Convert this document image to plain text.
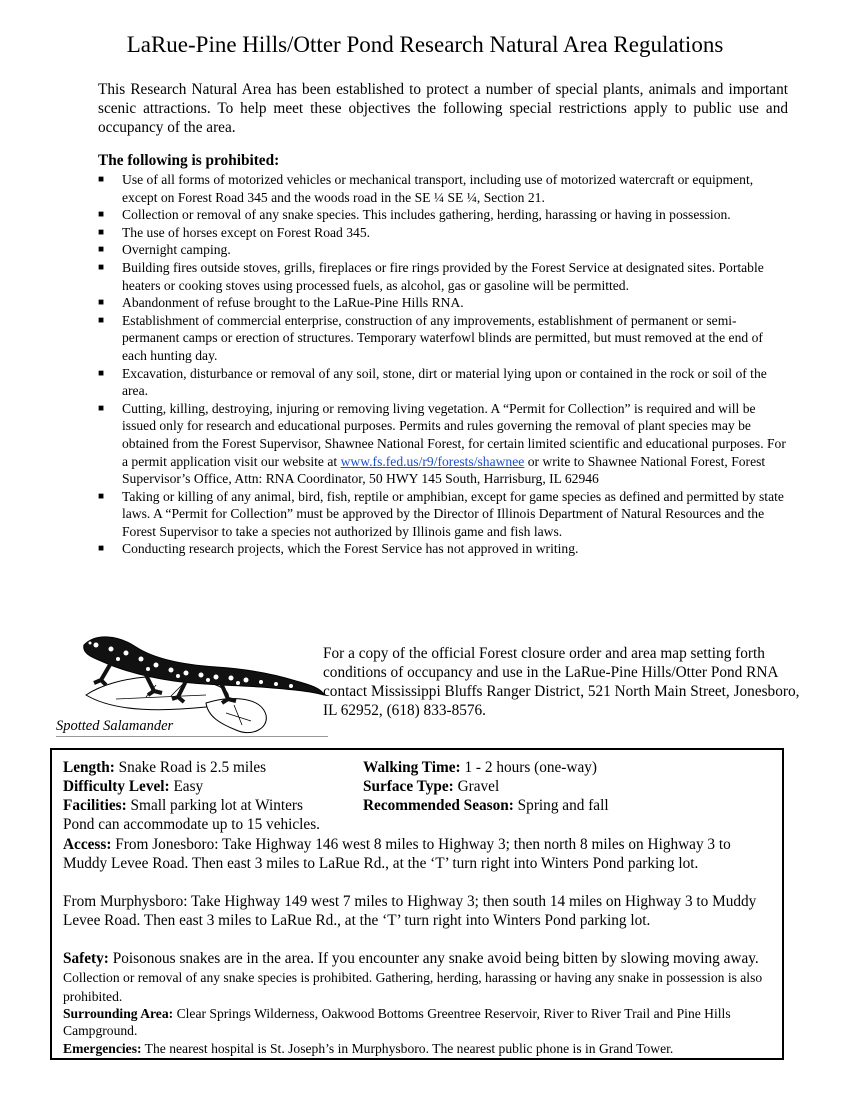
LaRue-Pine Hills/Otter Pond Research Natural Area Regulations

This Research Natural Area has been established to protect a number of special plants, animals and important scenic attractions. To help meet these objectives the following special restrictions apply to public use and occupancy of the area.

The following is prohibited:
■ Use of all forms of motorized vehicles or mechanical transport, including use of motorized watercraft or equipment, except on Forest Road 345 and the woods road in the SE ¼ SE ¼, Section 21.
■ Collection or removal of any snake species. This includes gathering, herding, harassing or having in possession.
■ The use of horses except on Forest Road 345.
■ Overnight camping.
■ Building fires outside stoves, grills, fireplaces or fire rings provided by the Forest Service at designated sites. Portable heaters or cooking stoves using processed fuels, as alcohol, gas or gasoline will be permitted.
■ Abandonment of refuse brought to the LaRue-Pine Hills RNA.
■ Establishment of commercial enterprise, construction of any improvements, establishment of permanent or semi-permanent camps or erection of structures. Temporary waterfowl blinds are permitted, but must removed at the end of each hunting day.
■ Excavation, disturbance or removal of any soil, stone, dirt or material lying upon or contained in the rock or soil of the area.
■ Cutting, killing, destroying, injuring or removing living vegetation. A “Permit for Collection” is required and will be issued only for research and educational purposes. Permits and rules governing the removal of plant species may be obtained from the Forest Supervisor, Shawnee National Forest, for certain limited scientific and educational purposes. For a permit application visit our website at www.fs.fed.us/r9/forests/shawnee or write to Shawnee National Forest, Forest Supervisor’s Office, Attn: RNA Coordinator, 50 HWY 145 South, Harrisburg, IL 62946
■ Taking or killing of any animal, bird, fish, reptile or amphibian, except for game species as defined and permitted by state laws. A “Permit for Collection” must be approved by the Director of Illinois Department of Natural Resources and the Forest Supervisor to take a species not authorized by Illinois game and fish laws.
■ Conducting research projects, which the Forest Service has not approved in writing.
Spotted Salamander

For a copy of the official Forest closure order and area map setting forth conditions of occupancy and use in the LaRue-Pine Hills/Otter Pond RNA contact Mississippi Bluffs Ranger District, 521 North Main Street, Jonesboro, IL 62952, (618) 833-8576.

Length: Snake Road is 2.5 miles	Walking Time: 1 - 2 hours (one-way)
Difficulty Level: Easy	Surface Type: Gravel
Facilities: Small parking lot at Winters	Recommended Season: Spring and fall
Pond can accommodate up to 15 vehicles.

Access: From Jonesboro: Take Highway 146 west 8 miles to Highway 3; then north 8 miles on Highway 3 to Muddy Levee Road. Then east 3 miles to LaRue Rd., at the ‘T’ turn right into Winters Pond parking lot.

From Murphysboro: Take Highway 149 west 7 miles to Highway 3; then south 14 miles on Highway 3 to Muddy Levee Road. Then east 3 miles to LaRue Rd., at the ‘T’ turn right into Winters Pond parking lot.

Safety: Poisonous snakes are in the area. If you encounter any snake avoid being bitten by slowing moving away. Collection or removal of any snake species is prohibited. Gathering, herding, harassing or having any snake in possession is also prohibited.

Surrounding Area: Clear Springs Wilderness, Oakwood Bottoms Greentree Reservoir, River to River Trail and Pine Hills Campground.

Emergencies: The nearest hospital is St. Joseph’s in Murphysboro. The nearest public phone is in Grand Tower.
